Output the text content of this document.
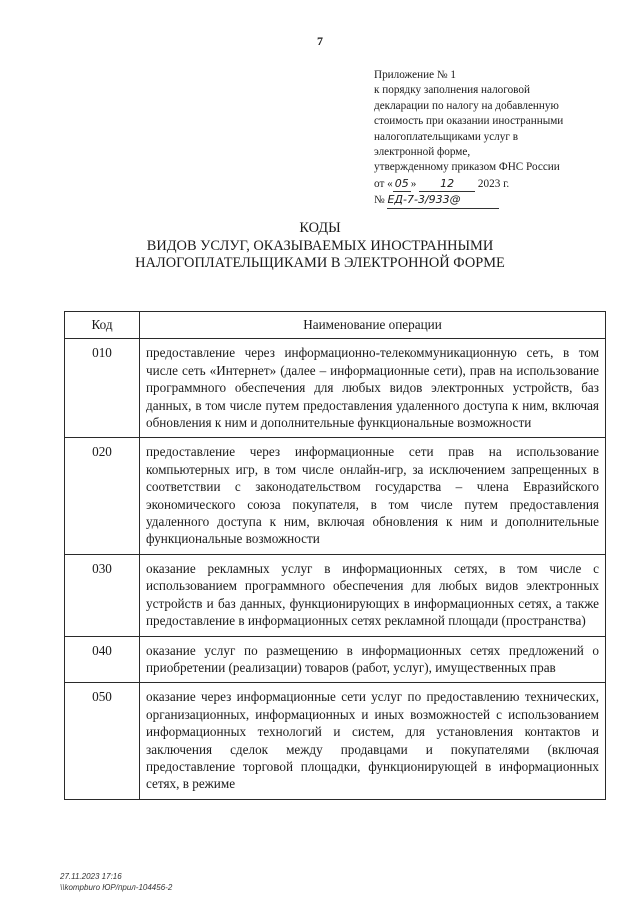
7
Приложение № 1
к порядку заполнения налоговой
декларации по налогу на добавленную
стоимость при оказании иностранными
налогоплательщиками услуг в
электронной форме,
утвержденному приказом ФНС России
от « 05 » 12 2023 г.
№ ЕД-7-3/933@
КОДЫ
ВИДОВ УСЛУГ, ОКАЗЫВАЕМЫХ ИНОСТРАННЫМИ
НАЛОГОПЛАТЕЛЬЩИКАМИ В ЭЛЕКТРОННОЙ ФОРМЕ
Код	Наименование операции
010	предоставление через информационно-телекоммуникационную сеть, в том числе сеть «Интернет» (далее – информационные сети), прав на использование программного обеспечения для любых видов электронных устройств, баз данных, в том числе путем предоставления удаленного доступа к ним, включая обновления к ним и дополнительные функциональные возможности
020	предоставление через информационные сети прав на использование компьютерных игр, в том числе онлайн-игр, за исключением запрещенных в соответствии с законодательством государства – члена Евразийского экономического союза покупателя, в том числе путем предоставления удаленного доступа к ним, включая обновления к ним и дополнительные функциональные возможности
030	оказание рекламных услуг в информационных сетях, в том числе с использованием программного обеспечения для любых видов электронных устройств и баз данных, функционирующих в информационных сетях, а также предоставление в информационных сетях рекламной площади (пространства)
040	оказание услуг по размещению в информационных сетях предложений о приобретении (реализации) товаров (работ, услуг), имущественных прав
050	оказание через информационные сети услуг по предоставлению технических, организационных, информационных и иных возможностей с использованием информационных технологий и систем, для установления контактов и заключения сделок между продавцами и покупателями (включая предоставление торговой площадки, функционирующей в информационных сетях, в режиме
27.11.2023 17:16
\\kompburo ЮР/прил-104456-2
